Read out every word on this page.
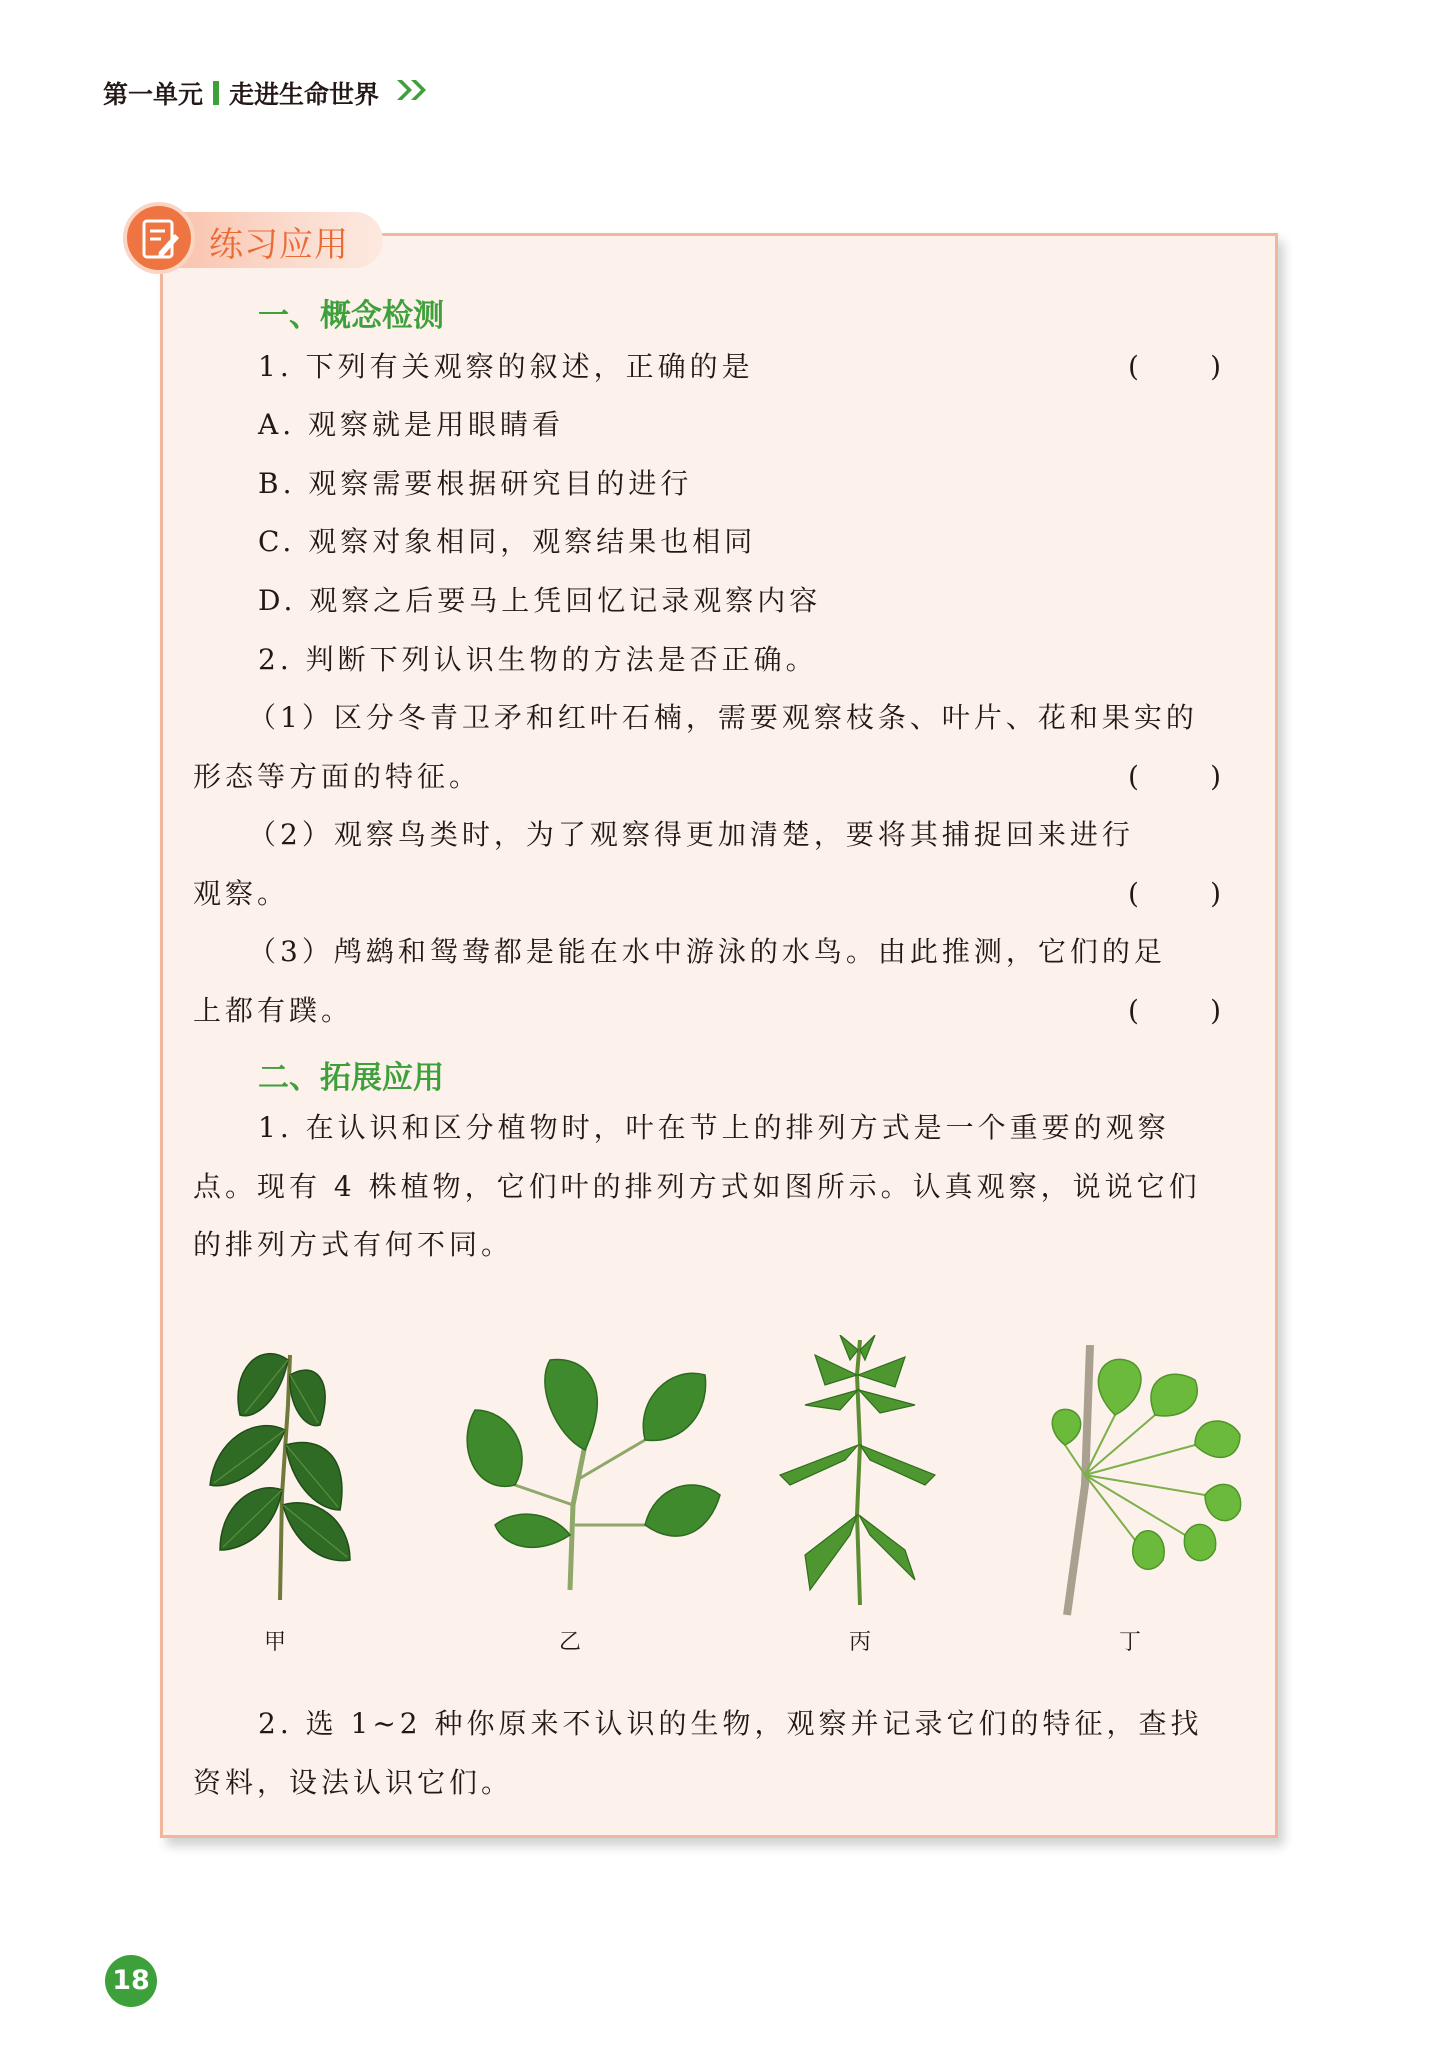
第一单元 走进生命世界
练习应用
一、概念检测
1. 下列有关观察的叙述，正确的是	(        )
A. 观察就是用眼睛看
B. 观察需要根据研究目的进行
C. 观察对象相同，观察结果也相同
D. 观察之后要马上凭回忆记录观察内容
2. 判断下列认识生物的方法是否正确。
（1）区分冬青卫矛和红叶石楠，需要观察枝条、叶片、花和果实的
形态等方面的特征。	(        )
（2）观察鸟类时，为了观察得更加清楚，要将其捕捉回来进行
观察。	(        )
（3）鸬鹚和鸳鸯都是能在水中游泳的水鸟。由此推测，它们的足
上都有蹼。	(        )
二、拓展应用
1. 在认识和区分植物时，叶在节上的排列方式是一个重要的观察
点。现有 4 株植物，它们叶的排列方式如图所示。认真观察，说说它们
的排列方式有何不同。
甲	乙	丙	丁
2. 选 1~2 种你原来不认识的生物，观察并记录它们的特征，查找
资料，设法认识它们。
18
